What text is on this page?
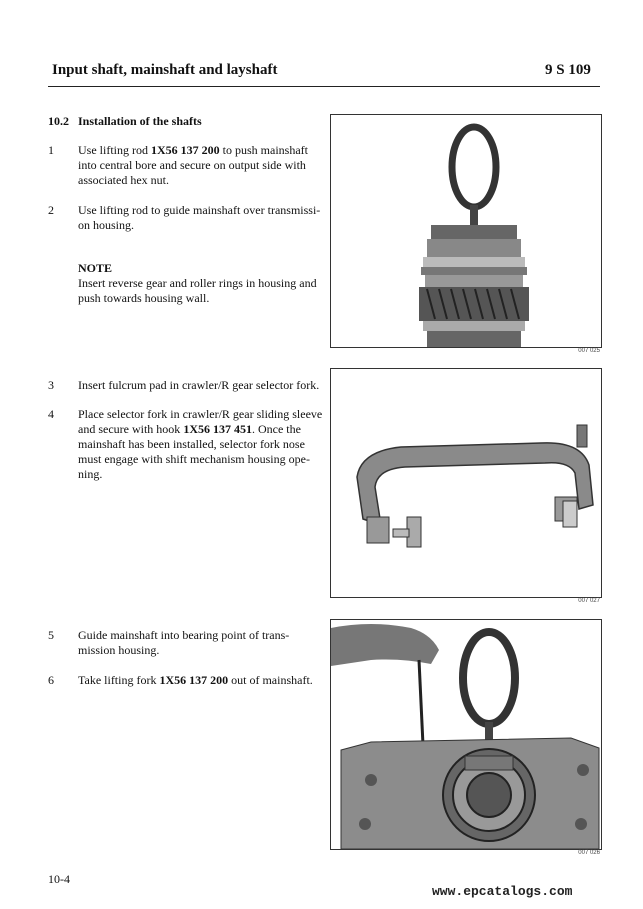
Input shaft, mainshaft and layshaft	9 S 109
10.2 Installation of the shafts
1 Use lifting rod 1X56 137 200 to push mainshaft into central bore and secure on output side with associated hex nut.
2 Use lifting rod to guide mainshaft over transmissi-on housing.
NOTE
Insert reverse gear and roller rings in housing and push towards housing wall.
3 Insert fulcrum pad in crawler/R gear selector fork.
4 Place selector fork in crawler/R gear sliding sleeve and secure with hook 1X56 137 451. Once the mainshaft has been installed, selector fork nose must engage with shift mechanism housing ope-ning.
5 Guide mainshaft into bearing point of trans-mission housing.
6 Take lifting fork 1X56 137 200 out of mainshaft.
007 025
007 027
007 026
10-4
www.epcatalogs.com
